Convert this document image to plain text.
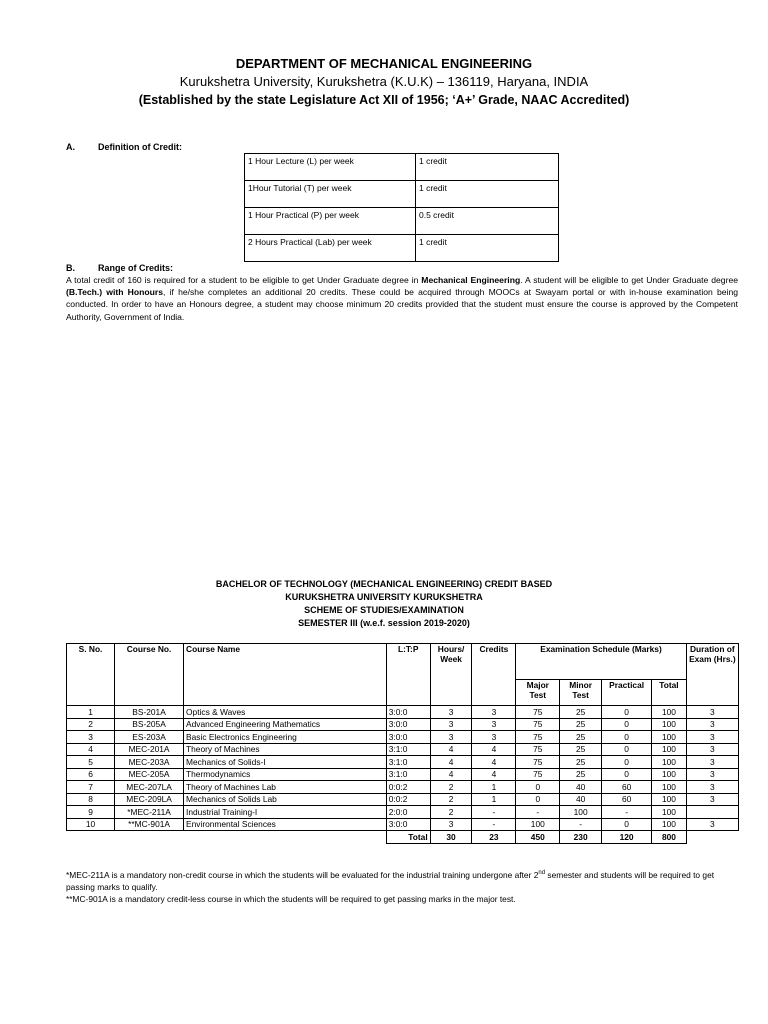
DEPARTMENT OF MECHANICAL ENGINEERING
Kurukshetra University, Kurukshetra (K.U.K) – 136119, Haryana, INDIA
(Established by the state Legislature Act XII of 1956; ‘A+’ Grade, NAAC Accredited)
A.	Definition of Credit:
1 Hour Lecture (L) per week	1 credit
1Hour Tutorial (T) per week	1 credit
1 Hour Practical (P) per week	0.5 credit
2 Hours Practical (Lab) per week	1 credit
B.	Range of Credits:
A total credit of 160 is required for a student to be eligible to get Under Graduate degree in Mechanical Engineering. A student will be eligible to get Under Graduate degree (B.Tech.) with Honours, if he/she completes an additional 20 credits. These could be acquired through MOOCs at Swayam portal or with in-house examination being conducted. In order to have an Honours degree, a student may choose minimum 20 credits provided that the student must ensure the course is approved by the Competent Authority, Government of India.
BACHELOR OF TECHNOLOGY (MECHANICAL ENGINEERING) CREDIT BASED
KURUKSHETRA UNIVERSITY KURUKSHETRA
SCHEME OF STUDIES/EXAMINATION
SEMESTER III (w.e.f. session 2019-2020)
S. No.	Course No.	Course Name	L:T:P	Hours/ Week	Credits	Examination Schedule (Marks)				Duration of Exam (Hrs.)
						Major Test	Minor Test	Practical	Total	
1	BS-201A	Optics & Waves	3:0:0	3	3	75	25	0	100	3
2	BS-205A	Advanced Engineering Mathematics	3:0:0	3	3	75	25	0	100	3
3	ES-203A	Basic Electronics Engineering	3:0:0	3	3	75	25	0	100	3
4	MEC-201A	Theory of Machines	3:1:0	4	4	75	25	0	100	3
5	MEC-203A	Mechanics of Solids-I	3:1:0	4	4	75	25	0	100	3
6	MEC-205A	Thermodynamics	3:1:0	4	4	75	25	0	100	3
7	MEC-207LA	Theory of Machines Lab	0:0:2	2	1	0	40	60	100	3
8	MEC-209LA	Mechanics of Solids Lab	0:0:2	2	1	0	40	60	100	3
9	*MEC-211A	Industrial Training-I	2:0:0	2	-	-	100	-	100	
10	**MC-901A	Environmental Sciences	3:0:0	3	-	100	-	0	100	3
			Total	30	23	450	230	120	800	

*MEC-211A is a mandatory non-credit course in which the students will be evaluated for the industrial training undergone after 2nd semester and students will be required to get passing marks to qualify.

**MC-901A is a mandatory credit-less course in which the students will be required to get passing marks in the major test.
